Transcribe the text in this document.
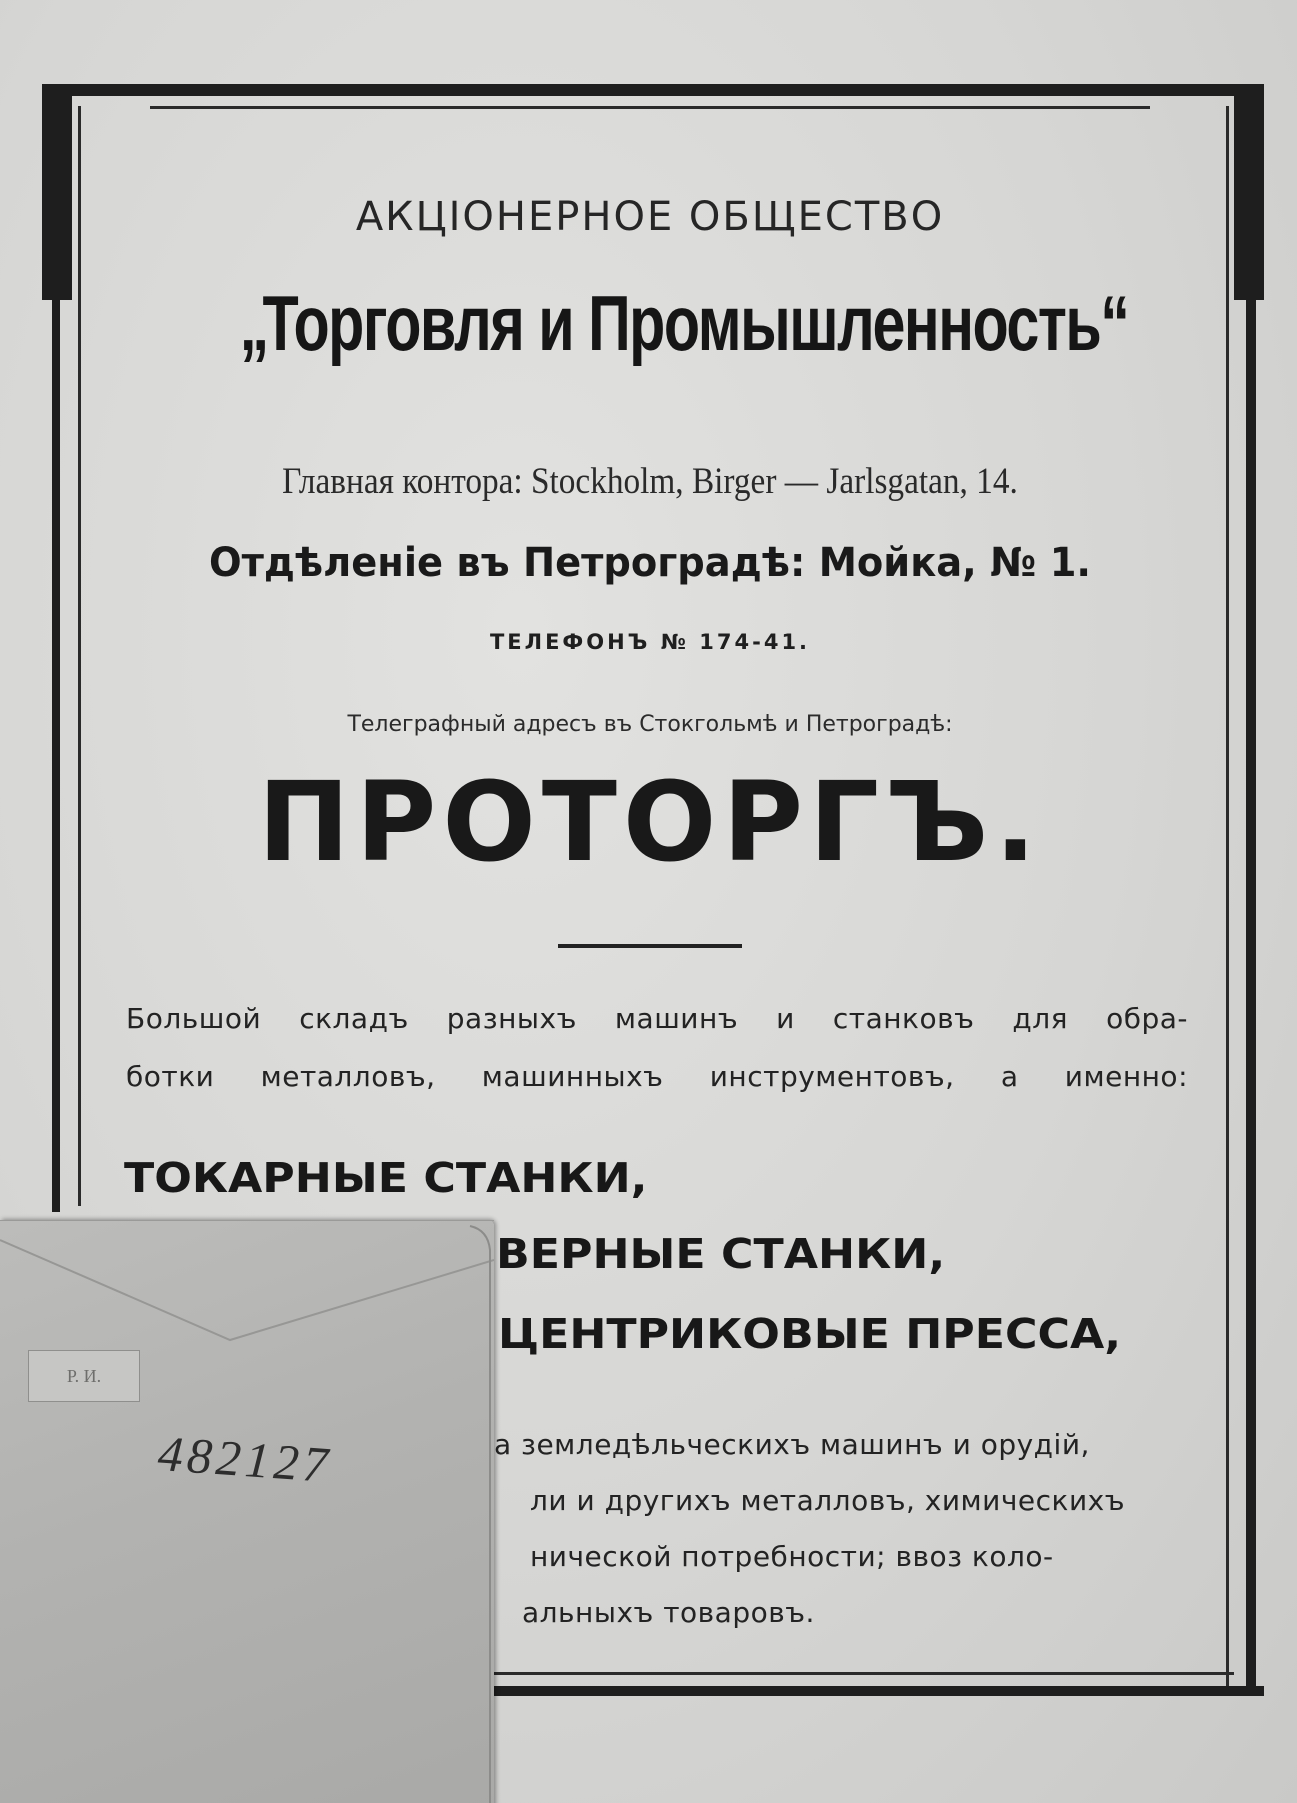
АКЦІОНЕРНОЕ ОБЩЕСТВО
„Торговля и Промышленность“
Главная контора: Stockholm, Birger — Jarlsgatan, 14.
Отдѣленіе въ Петроградѣ: Мойка, № 1.
ТЕЛЕФОНЪ № 174-41.
Телеграфный адресъ въ Стокгольмѣ и Петроградѣ:
ПРОТОРГЪ.
Большой складъ разныхъ машинъ и станковъ для обра-
ботки металловъ, машинныхъ инструментовъ, а именно:
ТОКАРНЫЕ СТАНКИ,
ВЕРНЫЕ СТАНКИ,
ЦЕНТРИКОВЫЕ ПРЕССА,
а земледѣльческихъ машинъ и орудій,
ли и другихъ металловъ, химическихъ
нической потребности; ввоз коло-
альныхъ товаровъ.
Р. И.
482127
